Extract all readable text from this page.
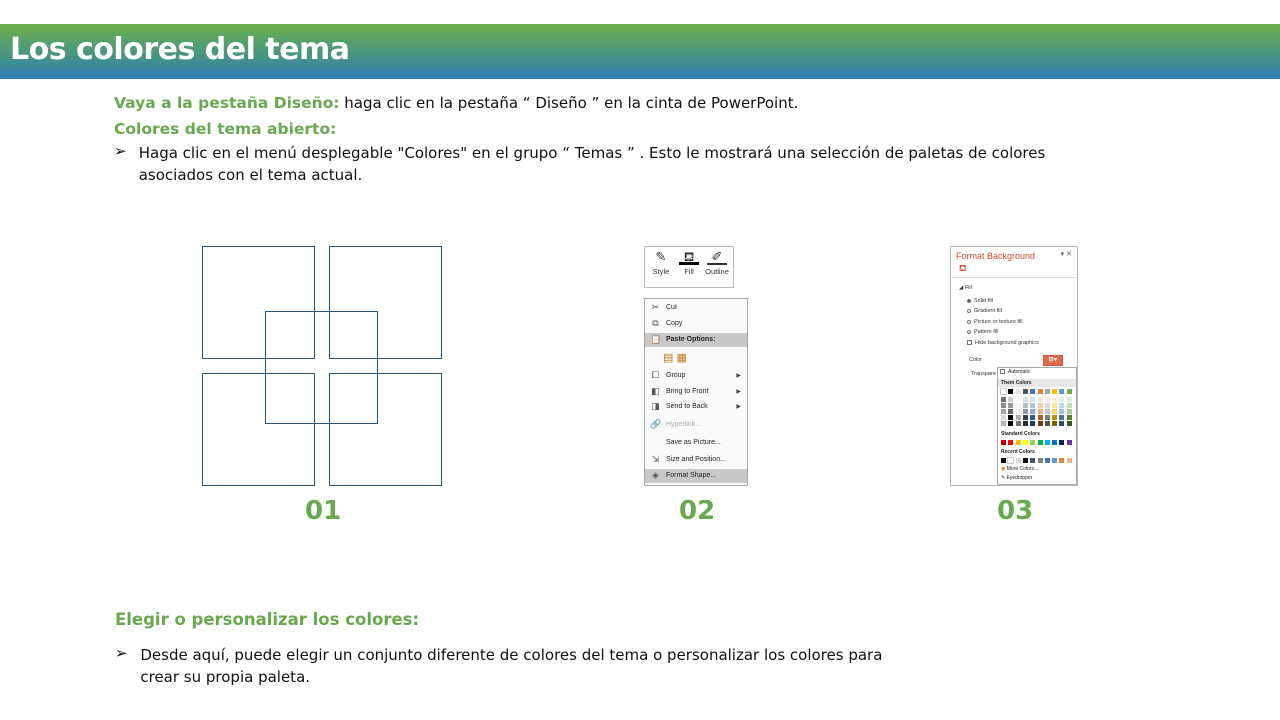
Los colores del tema
Vaya a la pestaña Diseño: haga clic en la pestaña “ Diseño ” en la cinta de PowerPoint.
Colores del tema abierto:
➢ Haga clic en el menú desplegable "Colores" en el grupo “ Temas ” . Esto le mostrará una selección de paletas de colores asociados con el tema actual.
01
✎
Style
⛾
Fill
✐
Outline
✂ Cut
⧉	Copy
📋 Paste Options:
▤ ▦
⧠ Group	▶
◧ Bring to Front	▶
◨ Send to Back	▶
🔗 Hyperlink...
Save as Picture...
⇲ Size and Position...
◈ Format Shape...
02
Format Background	▾ ✕
⛾
◢ Fill
Solid fill
Gradient fill
Picture or texture fill
Pattern fill
Hide background graphics
Color	⛾▾
Transpare	Automatic
Them Colors
Standard Colors
Recent Colors
◉ More Colors...
✎ Eyedropper
03
Elegir o personalizar los colores:
➢ Desde aquí, puede elegir un conjunto diferente de colores del tema o personalizar los colores para crear su propia paleta.
